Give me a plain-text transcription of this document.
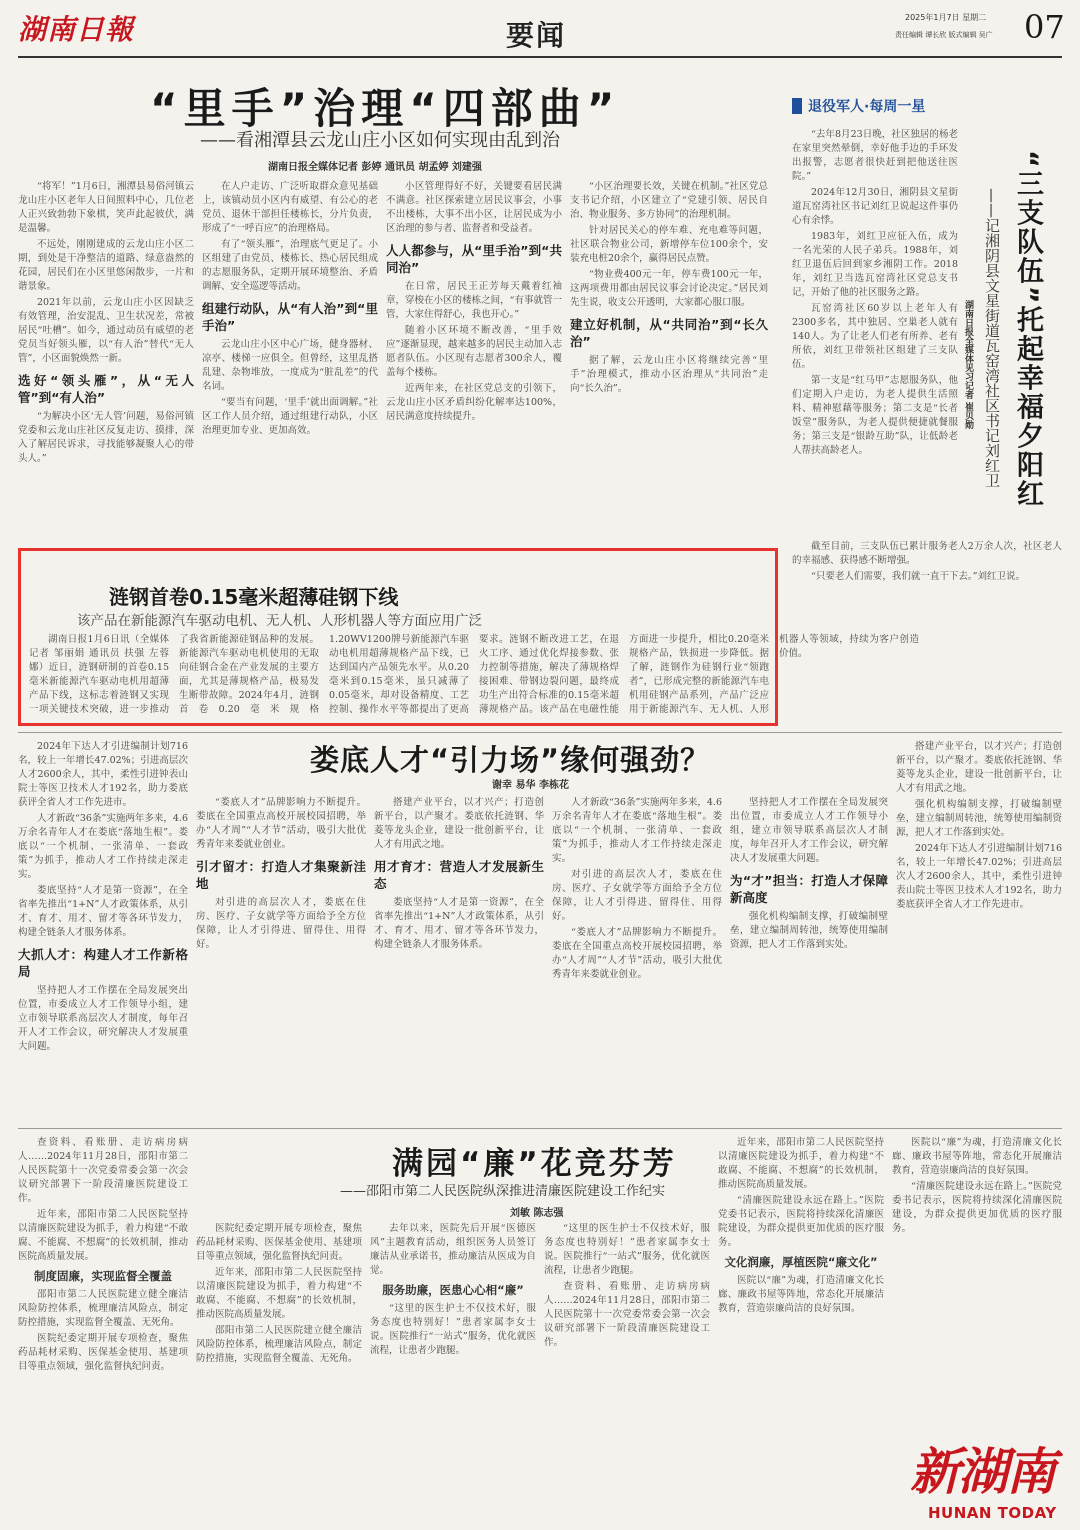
湖南日報	要闻
2025年1月7日 星期二
责任编辑 谭长欣 版式编辑 吴广 07
“里手”治理“四部曲”
——看湘潭县云龙山庄小区如何实现由乱到治
湖南日报全媒体记者 彭婷 通讯员 胡孟婷 刘建强

“将军！”1月6日，湘潭县易俗河镇云龙山庄小区老年人日间照料中心，几位老人正兴致勃勃下象棋，笑声此起彼伏，满是温馨。

不远处，刚刚建成的云龙山庄小区二期，到处是干净整洁的道路、绿意盎然的花园，居民们在小区里悠闲散步，一片和谐景象。

2021年以前，云龙山庄小区因缺乏有效管理，治安混乱、卫生状况差，常被居民“吐槽”。如今，通过动员有威望的老党员当好领头雁，以“有人治”替代“无人管”，小区面貌焕然一新。

选好“领头雁”，从“无人管”到“有人治”

“为解决小区‘无人管’问题，易俗河镇党委和云龙山庄社区反复走访、摸排，深入了解居民诉求，寻找能够凝聚人心的带头人。”

在人户走访、广泛听取群众意见基础上，该镇动员小区内有威望、有公心的老党员、退休干部担任楼栋长，分片负责，形成了“一呼百应”的治理格局。

有了“领头雁”，治理底气更足了。小区组建了由党员、楼栋长、热心居民组成的志愿服务队，定期开展环境整治、矛盾调解、安全巡逻等活动。

组建行动队，从“有人治”到“里手治”

云龙山庄小区中心广场，健身器材、凉亭、楼梯一应俱全。但曾经，这里乱搭乱建、杂物堆放，一度成为“脏乱差”的代名词。

“要当有问题，‘里手’就出面调解。”社区工作人员介绍，通过组建行动队，小区治理更加专业、更加高效。

小区管理得好不好，关键要看居民满不满意。社区探索建立居民议事会，小事不出楼栋，大事不出小区，让居民成为小区治理的参与者、监督者和受益者。

人人都参与，从“里手治”到“共同治”

在日常，居民王正芳每天戴着红袖章，穿梭在小区的楼栋之间，“有事就管一管，大家住得舒心，我也开心。”

随着小区环境不断改善，“里手效应”逐渐显现，越来越多的居民主动加入志愿者队伍。小区现有志愿者300余人，覆盖每个楼栋。

近两年来，在社区党总支的引领下，云龙山庄小区矛盾纠纷化解率达100%，居民满意度持续提升。

“小区治理要长效，关键在机制。”社区党总支书记介绍，小区建立了“党建引领、居民自治、物业服务、多方协同”的治理机制。

针对居民关心的停车难、充电难等问题，社区联合物业公司，新增停车位100余个，安装充电桩20余个，赢得居民点赞。

“物业费400元一年，停车费100元一年，这两项费用都由居民议事会讨论决定。”居民刘先生说，收支公开透明，大家都心服口服。

建立好机制，从“共同治”到“长久治”

据了解，云龙山庄小区将继续完善“里手”治理模式，推动小区治理从“共同治”走向“长久治”。

退役军人·每周一星
“三支队伍”托起幸福夕阳红
——记湘阴县文星街道瓦窑湾社区书记刘红卫
湖南日报全媒体见习记者 崔贝勋

“去年8月23日晚，社区独居的杨老在家里突然晕倒，幸好他手边的手环发出报警，志愿者很快赶到把他送往医院。”

2024年12月30日，湘阴县文星街道瓦窑湾社区书记刘红卫说起这件事仍心有余悸。

1983年，刘红卫应征入伍，成为一名光荣的人民子弟兵。1988年，刘红卫退伍后回到家乡湘阴工作。2018年，刘红卫当选瓦窑湾社区党总支书记，开始了他的社区服务之路。

瓦窑湾社区60岁以上老年人有2300多名，其中独居、空巢老人就有140人。为了让老人们老有所养、老有所依，刘红卫带领社区组建了三支队伍。

第一支是“红马甲”志愿服务队，他们定期入户走访，为老人提供生活照料、精神慰藉等服务；第二支是“长者饭堂”服务队，为老人提供便捷就餐服务；第三支是“银龄互助”队，让低龄老人帮扶高龄老人。

截至目前，三支队伍已累计服务老人2万余人次，社区老人的幸福感、获得感不断增强。

“只要老人们需要，我们就一直干下去。”刘红卫说。

涟钢首卷0.15毫米超薄硅钢下线
该产品在新能源汽车驱动电机、无人机、人形机器人等方面应用广泛
湖南日报1月6日讯（全媒体记者 邹丽娟 通讯员 扶强 左蓉娜）近日，涟钢研制的首卷0.15毫米新能源汽车驱动电机用超薄产品下线，这标志着涟钢又实现一项关键技术突破，进一步推动了我省新能源硅钢品种的发展。新能源汽车驱动电机使用的无取向硅钢合金在产业发展的主要方面，尤其是薄规格产品，极易发生断带故障。2024年4月，涟钢首卷0.20毫米规格1.20WV1200牌号新能源汽车驱动电机用超薄规格产品下线，已达到国内产品领先水平。从0.20毫米到0.15毫米，虽只减薄了0.05毫米，却对设备精度、工艺控制、操作水平等都提出了更高要求。涟钢不断改进工艺，在退火工序、通过优化焊接参数、张力控制等措施，解决了薄规格焊接困难、带钢边裂问题，最终成功生产出符合标准的0.15毫米超薄规格产品。该产品在电磁性能方面进一步提升，相比0.20毫米规格产品，铁损进一步降低。据了解，涟钢作为硅钢行业“领跑者”，已形成完整的新能源汽车电机用硅钢产品系列，产品广泛应用于新能源汽车、无人机、人形机器人等领域，持续为客户创造价值。
娄底人才“引力场”缘何强劲？
谢幸 易华 李栋花

2024年下达人才引进编制计划716名，较上一年增长47.02%；引进高层次人才2600余人，其中，柔性引进钟表山院士等医卫技术人才192名，助力娄底获评全省人才工作先进市。

人才新政“36条”实施两年多来，4.6万余名青年人才在娄底“落地生根”。娄底以“一个机制、一张清单、一套政策”为抓手，推动人才工作持续走深走实。

娄底坚持“人才是第一资源”，在全省率先推出“1+N”人才政策体系，从引才、育才、用才、留才等各环节发力，构建全链条人才服务体系。

大抓人才：构建人才工作新格局

坚持把人才工作摆在全局发展突出位置，市委成立人才工作领导小组，建立市领导联系高层次人才制度，每年召开人才工作会议，研究解决人才发展重大问题。

“娄底人才”品牌影响力不断提升。娄底在全国重点高校开展校园招聘，举办“人才周”“人才节”活动，吸引大批优秀青年来娄就业创业。

引才留才：打造人才集聚新洼地

对引进的高层次人才，娄底在住房、医疗、子女就学等方面给予全方位保障，让人才引得进、留得住、用得好。

搭建产业平台，以才兴产；打造创新平台，以产聚才。娄底依托涟钢、华菱等龙头企业，建设一批创新平台，让人才有用武之地。

用才育才：营造人才发展新生态

娄底坚持“人才是第一资源”，在全省率先推出“1+N”人才政策体系，从引才、育才、用才、留才等各环节发力，构建全链条人才服务体系。

人才新政“36条”实施两年多来，4.6万余名青年人才在娄底“落地生根”。娄底以“一个机制、一张清单、一套政策”为抓手，推动人才工作持续走深走实。

对引进的高层次人才，娄底在住房、医疗、子女就学等方面给予全方位保障，让人才引得进、留得住、用得好。

“娄底人才”品牌影响力不断提升。娄底在全国重点高校开展校园招聘，举办“人才周”“人才节”活动，吸引大批优秀青年来娄就业创业。

坚持把人才工作摆在全局发展突出位置，市委成立人才工作领导小组，建立市领导联系高层次人才制度，每年召开人才工作会议，研究解决人才发展重大问题。

为“才”担当：打造人才保障新高度

强化机构编制支撑，打破编制壁垒，建立编制周转池，统筹使用编制资源，把人才工作落到实处。

搭建产业平台，以才兴产；打造创新平台，以产聚才。娄底依托涟钢、华菱等龙头企业，建设一批创新平台，让人才有用武之地。

强化机构编制支撑，打破编制壁垒，建立编制周转池，统筹使用编制资源，把人才工作落到实处。

2024年下达人才引进编制计划716名，较上一年增长47.02%；引进高层次人才2600余人，其中，柔性引进钟表山院士等医卫技术人才192名，助力娄底获评全省人才工作先进市。

满园“廉”花竞芬芳
——邵阳市第二人民医院纵深推进清廉医院建设工作纪实
刘敏 陈志强

查资料、看账册、走访病房病人……2024年11月28日，邵阳市第二人民医院第十一次党委常委会第一次会议研究部署下一阶段清廉医院建设工作。

近年来，邵阳市第二人民医院坚持以清廉医院建设为抓手，着力构建“不敢腐、不能腐、不想腐”的长效机制，推动医院高质量发展。

制度固廉，实现监督全覆盖

邵阳市第二人民医院建立健全廉洁风险防控体系，梳理廉洁风险点，制定防控措施，实现监督全覆盖、无死角。

医院纪委定期开展专项检查，聚焦药品耗材采购、医保基金使用、基建项目等重点领域，强化监督执纪问责。

医院纪委定期开展专项检查，聚焦药品耗材采购、医保基金使用、基建项目等重点领域，强化监督执纪问责。

近年来，邵阳市第二人民医院坚持以清廉医院建设为抓手，着力构建“不敢腐、不能腐、不想腐”的长效机制，推动医院高质量发展。

邵阳市第二人民医院建立健全廉洁风险防控体系，梳理廉洁风险点，制定防控措施，实现监督全覆盖、无死角。

去年以来，医院先后开展“医德医风”主题教育活动，组织医务人员签订廉洁从业承诺书，推动廉洁从医成为自觉。

服务助廉，医患心心相“廉”

“这里的医生护士不仅技术好，服务态度也特别好！”患者家属李女士说。医院推行“一站式”服务，优化就医流程，让患者少跑腿。

“这里的医生护士不仅技术好，服务态度也特别好！”患者家属李女士说。医院推行“一站式”服务，优化就医流程，让患者少跑腿。

查资料、看账册、走访病房病人……2024年11月28日，邵阳市第二人民医院第十一次党委常委会第一次会议研究部署下一阶段清廉医院建设工作。

近年来，邵阳市第二人民医院坚持以清廉医院建设为抓手，着力构建“不敢腐、不能腐、不想腐”的长效机制，推动医院高质量发展。

“清廉医院建设永远在路上。”医院党委书记表示，医院将持续深化清廉医院建设，为群众提供更加优质的医疗服务。

文化润廉，厚植医院“廉文化”

医院以“廉”为魂，打造清廉文化长廊、廉政书屋等阵地，常态化开展廉洁教育，营造崇廉尚洁的良好氛围。

医院以“廉”为魂，打造清廉文化长廊、廉政书屋等阵地，常态化开展廉洁教育，营造崇廉尚洁的良好氛围。

“清廉医院建设永远在路上。”医院党委书记表示，医院将持续深化清廉医院建设，为群众提供更加优质的医疗服务。

新湖南
HUNAN TODAY
